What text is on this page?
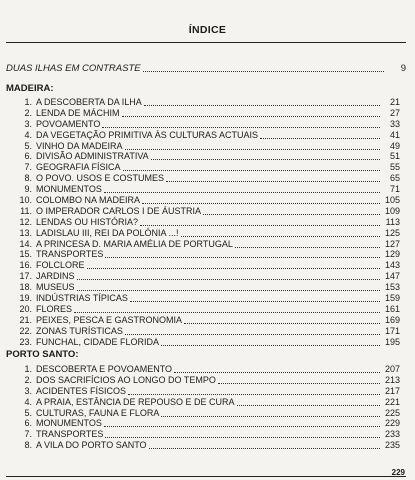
ÍNDICE
DUAS ILHAS EM CONTRASTE	9
MADEIRA:
1. A DESCOBERTA DA ILHA	21
2. LENDA DE MÁCHIM	27
3. POVOAMENTO	33
4. DA VEGETAÇÃO PRIMITIVA ÀS CULTURAS ACTUAIS	41
5. VINHO DA MADEIRA	49
6. DIVISÃO ADMINISTRATIVA	51
7. GEOGRAFIA FÍSICA	55
8. O POVO. USOS E COSTUMES	65
9. MONUMENTOS	71
10. COLOMBO NA MADEIRA	105
11. O IMPERADOR CARLOS I DE ÁUSTRIA	109
12. LENDAS OU HISTÓRIA?	113
13. LADISLAU III, REI DA POLÓNIA ...!	125
14. A PRINCESA D. MARIA AMÉLIA DE PORTUGAL	127
15. TRANSPORTES	129
16. FOLCLORE	143
17. JARDINS	147
18. MUSEUS	153
19. INDÚSTRIAS TÍPICAS	159
20. FLORES	161
21. PEIXES, PESCA E GASTRONOMIA	169
22. ZONAS TURÍSTICAS	171
23. FUNCHAL, CIDADE FLORIDA	195
PORTO SANTO:
1. DESCOBERTA E POVOAMENTO	207
2. DOS SACRIFÍCIOS AO LONGO DO TEMPO	213
3. ACIDENTES FÍSICOS	217
4. A PRAIA, ESTÂNCIA DE REPOUSO E DE CURA	221
5. CULTURAS, FAUNA E FLORA	225
6. MONUMENTOS	229
7. TRANSPORTES	233
8. A VILA DO PORTO SANTO	235
229
